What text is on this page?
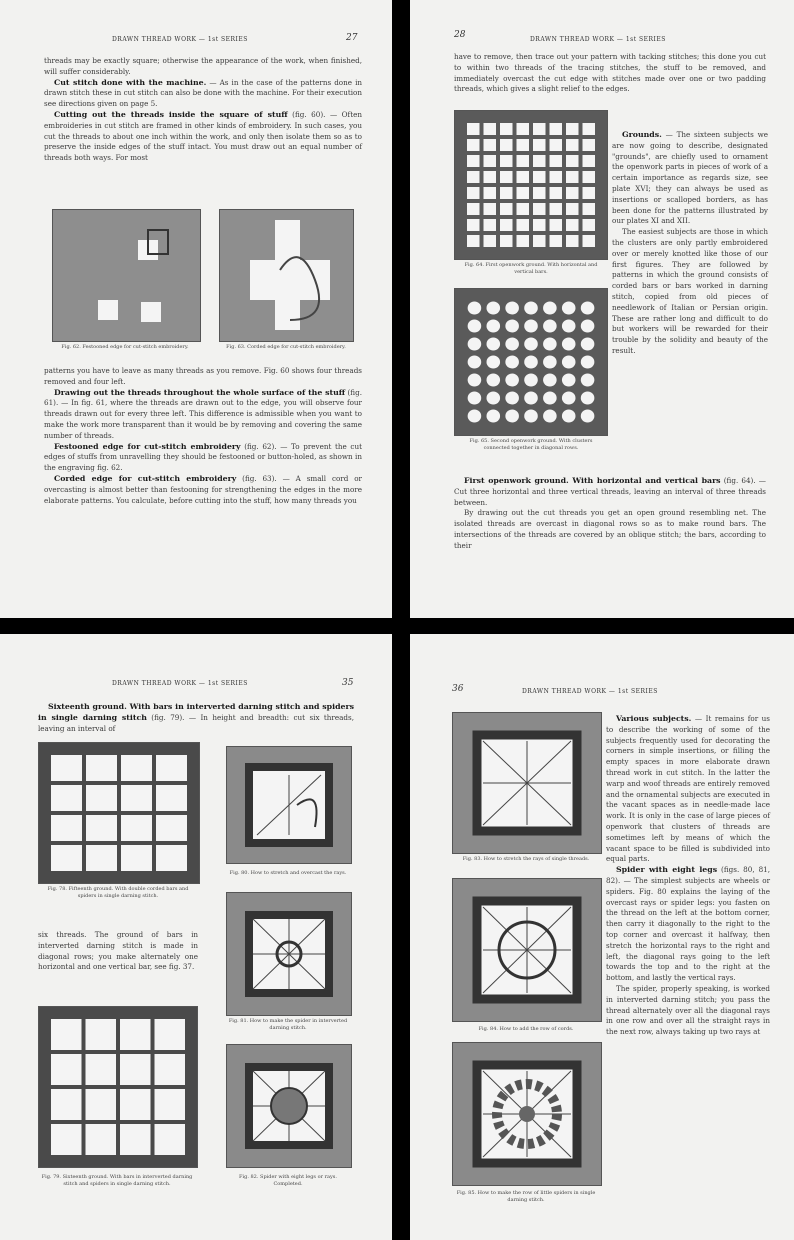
DRAWN THREAD WORK — 1st SERIES	27

threads may be exactly square; otherwise the appearance of the work, when finished, will suffer considerably.

Cut stitch done with the machine. — As in the case of the patterns done in drawn stitch these in cut stitch can also be done with the machine. For their execution see directions given on page 5.

Cutting out the threads inside the square of stuff (fig. 60). — Often embroideries in cut stitch are framed in other kinds of embroidery. In such cases, you cut the threads to about one inch within the work, and only then isolate them so as to preserve the inside edges of the stuff intact. You must draw out an equal number of threads both ways. For most

Fig. 62. Festooned edge for cut-stitch embroidery.	Fig. 63. Corded edge for cut-stitch embroidery.

patterns you have to leave as many threads as you remove. Fig. 60 shows four threads removed and four left.

Drawing out the threads throughout the whole surface of the stuff (fig. 61). — In fig. 61, where the threads are drawn out to the edge, you will observe four threads drawn out for every three left. This difference is admissible when you want to make the work more transparent than it would be by removing and covering the same number of threads.

Festooned edge for cut-stitch embroidery (fig. 62). — To prevent the cut edges of stuffs from unravelling they should be festooned or button-holed, as shown in the engraving fig. 62.

Corded edge for cut-stitch embroidery (fig. 63). — A small cord or overcasting is almost better than festooning for strengthening the edges in the more elaborate patterns. You calculate, before cutting into the stuff, how many threads you

28	DRAWN THREAD WORK — 1st SERIES

have to remove, then trace out your pattern with tacking stitches; this done you cut to within two threads of the tracing stitches, the stuff to be removed, and immediately overcast the cut edge with stitches made over one or two padding threads, which gives a slight relief to the edges.

Fig. 64. First openwork ground. With horizontal and vertical bars.
Fig. 65. Second openwork ground. With clusters connected together in diagonal rows.

Grounds. — The sixteen subjects we are now going to describe, designated "grounds", are chiefly used to ornament the openwork parts in pieces of work of a certain importance as regards size, see plate XVI; they can always be used as insertions or scalloped borders, as has been done for the patterns illustrated by our plates XI and XII.

The easiest subjects are those in which the clusters are only partly embroidered over or merely knotted like those of our first figures. They are followed by patterns in which the ground consists of corded bars or bars worked in darning stitch, copied from old pieces of needlework of Italian or Persian origin. These are rather long and difficult to do but workers will be rewarded for their trouble by the solidity and beauty of the result.

First openwork ground. With horizontal and vertical bars (fig. 64). — Cut three horizontal and three vertical threads, leaving an interval of three threads between.

By drawing out the cut threads you get an open ground resembling net. The isolated threads are overcast in diagonal rows so as to make round bars. The intersections of the threads are covered by an oblique stitch; the bars, according to their

DRAWN THREAD WORK — 1st SERIES	35

Sixteenth ground. With bars in interverted darning stitch and spiders in single darning stitch (fig. 79). — In height and breadth: cut six threads, leaving an interval of

Fig. 78. Fifteenth ground. With double corded bars and spiders in single darning stitch.

six threads. The ground of bars in interverted darning stitch is made in diagonal rows; you make alternately one horizontal and one vertical bar, see fig. 37.

Fig. 79. Sixteenth ground. With bars in interverted darning stitch and spiders in single darning stitch.
Fig. 80. How to stretch and overcast the rays.
Fig. 81. How to make the spider in interverted darning stitch.
Fig. 82. Spider with eight legs or rays. Completed.
36	DRAWN THREAD WORK — 1st SERIES
Fig. 83. How to stretch the rays of single threads.
Fig. 84. How to add the row of cords.
Fig. 85. How to make the row of little spiders in single darning stitch.

Various subjects. — It remains for us to describe the working of some of the subjects frequently used for decorating the corners in simple insertions, or filling the empty spaces in more elaborate drawn thread work in cut stitch. In the latter the warp and woof threads are entirely removed and the ornamental subjects are executed in the vacant spaces as in needle-made lace work. It is only in the case of large pieces of openwork that clusters of threads are sometimes left by means of which the vacant space to be filled is subdivided into equal parts.

Spider with eight legs (figs. 80, 81, 82). — The simplest subjects are wheels or spiders. Fig. 80 explains the laying of the overcast rays or spider legs: you fasten on the thread on the left at the bottom corner, then carry it diagonally to the right to the top corner and overcast it halfway, then stretch the horizontal rays to the right and left, the diagonal rays going to the left towards the top and to the right at the bottom, and lastly the vertical rays.

The spider, properly speaking, is worked in interverted darning stitch; you pass the thread alternately over all the diagonal rays in one row and over all the straight rays in the next row, always taking up two rays at
